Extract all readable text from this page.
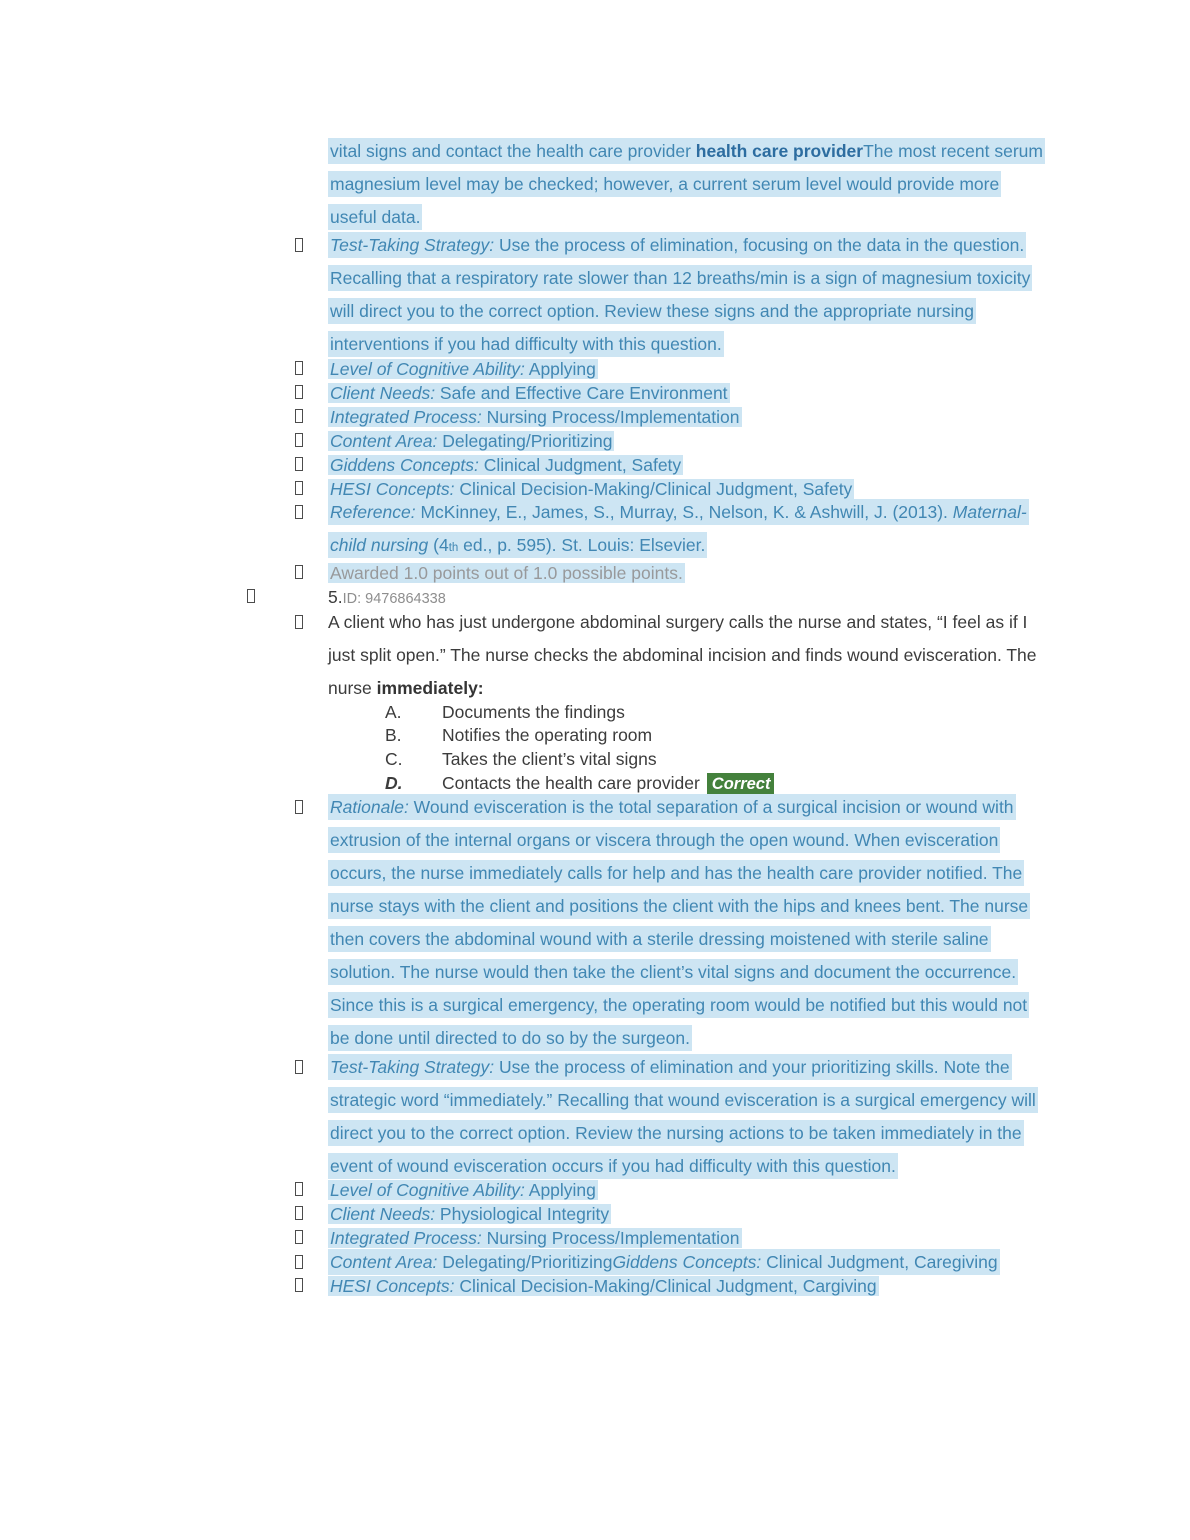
vital signs and contact the health care provider health care providerThe most recent serum magnesium level may be checked; however, a current serum level would provide more useful data.
Test-Taking Strategy: Use the process of elimination, focusing on the data in the question. Recalling that a respiratory rate slower than 12 breaths/min is a sign of magnesium toxicity will direct you to the correct option. Review these signs and the appropriate nursing interventions if you had difficulty with this question.
Level of Cognitive Ability: Applying
Client Needs: Safe and Effective Care Environment
Integrated Process: Nursing Process/Implementation
Content Area: Delegating/Prioritizing
Giddens Concepts: Clinical Judgment, Safety
HESI Concepts: Clinical Decision-Making/Clinical Judgment, Safety
Reference: McKinney, E., James, S., Murray, S., Nelson, K. & Ashwill, J. (2013). Maternal-child nursing (4th ed., p. 595). St. Louis: Elsevier.
Awarded 1.0 points out of 1.0 possible points.
5.ID: 9476864338
A client who has just undergone abdominal surgery calls the nurse and states, “I feel as if I just split open.” The nurse checks the abdominal incision and finds wound evisceration. The nurse immediately:
A. Documents the findings
B. Notifies the operating room
C. Takes the client’s vital signs
D. Contacts the health care provider Correct
Rationale: Wound evisceration is the total separation of a surgical incision or wound with extrusion of the internal organs or viscera through the open wound. When evisceration occurs, the nurse immediately calls for help and has the health care provider notified. The nurse stays with the client and positions the client with the hips and knees bent. The nurse then covers the abdominal wound with a sterile dressing moistened with sterile saline solution. The nurse would then take the client’s vital signs and document the occurrence. Since this is a surgical emergency, the operating room would be notified but this would not be done until directed to do so by the surgeon.
Test-Taking Strategy: Use the process of elimination and your prioritizing skills. Note the strategic word “immediately.” Recalling that wound evisceration is a surgical emergency will direct you to the correct option. Review the nursing actions to be taken immediately in the event of wound evisceration occurs if you had difficulty with this question.
Level of Cognitive Ability: Applying
Client Needs: Physiological Integrity
Integrated Process: Nursing Process/Implementation
Content Area: Delegating/PrioritizingGiddens Concepts: Clinical Judgment, Caregiving
HESI Concepts: Clinical Decision-Making/Clinical Judgment, Cargiving
